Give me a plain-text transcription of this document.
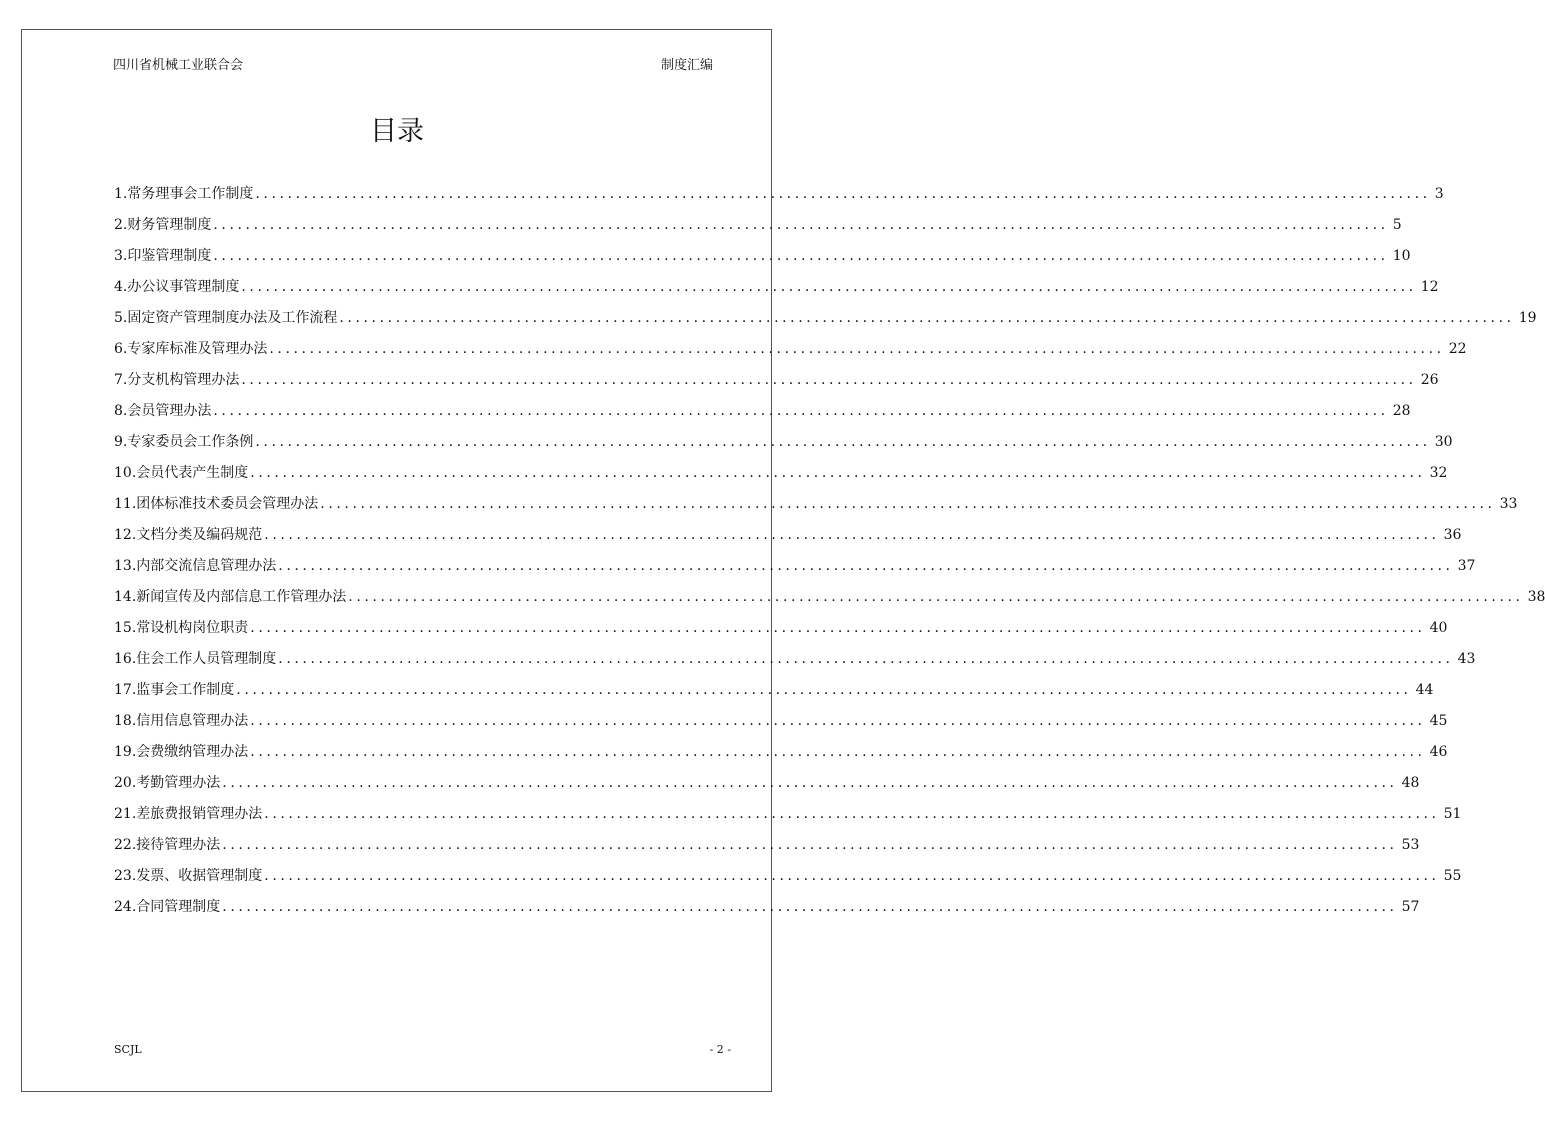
四川省机械工业联合会	制度汇编
目录
1.常务理事会工作制度 .................................................................................................................................................. 3
2.财务管理制度 .................................................................................................................................................. 5
3.印鉴管理制度 .................................................................................................................................................. 10
4.办公议事管理制度 .................................................................................................................................................. 12
5.固定资产管理制度办法及工作流程 .................................................................................................................................................. 19
6.专家库标准及管理办法 .................................................................................................................................................. 22
7.分支机构管理办法 .................................................................................................................................................. 26
8.会员管理办法 .................................................................................................................................................. 28
9.专家委员会工作条例 .................................................................................................................................................. 30
10.会员代表产生制度 .................................................................................................................................................. 32
11.团体标准技术委员会管理办法 .................................................................................................................................................. 33
12.文档分类及编码规范 .................................................................................................................................................. 36
13.内部交流信息管理办法 .................................................................................................................................................. 37
14.新闻宣传及内部信息工作管理办法 .................................................................................................................................................. 38
15.常设机构岗位职责 .................................................................................................................................................. 40
16.住会工作人员管理制度 .................................................................................................................................................. 43
17.监事会工作制度 .................................................................................................................................................. 44
18.信用信息管理办法 .................................................................................................................................................. 45
19.会费缴纳管理办法 .................................................................................................................................................. 46
20.考勤管理办法 .................................................................................................................................................. 48
21.差旅费报销管理办法 .................................................................................................................................................. 51
22.接待管理办法 .................................................................................................................................................. 53
23.发票、收据管理制度 .................................................................................................................................................. 55
24.合同管理制度 .................................................................................................................................................. 57
SCJL	- 2 -
